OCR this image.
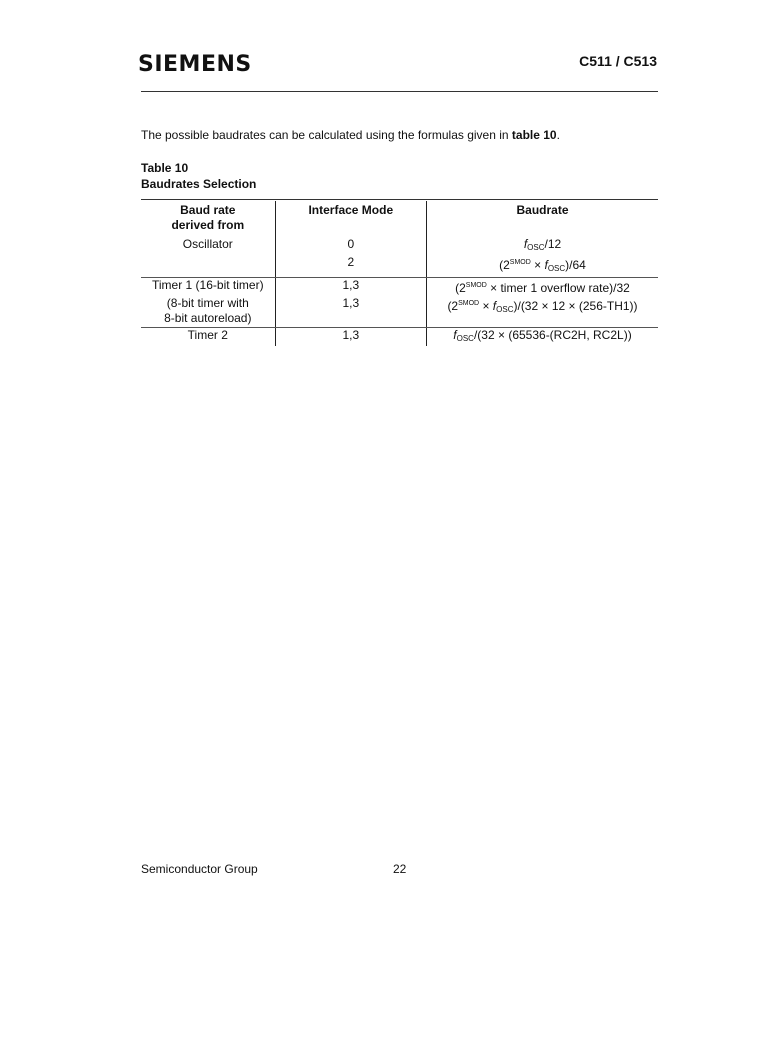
SIEMENS	C511 / C513
The possible baudrates can be calculated using the formulas given in table 10.
Table 10
Baudrates Selection
Baud rate
derived from	Interface Mode	Baudrate
Oscillator	0	$f_{OSC}/12$
	2	$(2^{SMOD} \times f_{OSC})/64$
Timer 1 (16-bit timer)	1,3	($2^{SMOD}$ × timer 1 overflow rate)/32

(8-bit timer with
8-bit autoreload)	1,3	$(2^{SMOD} \times f_{OSC})/(32 \times 12 \times (256-TH1))$
Timer 2	1,3	$f_{OSC}/(32 \times (65536-(RC2H$, RC2L))
Semiconductor Group	22
